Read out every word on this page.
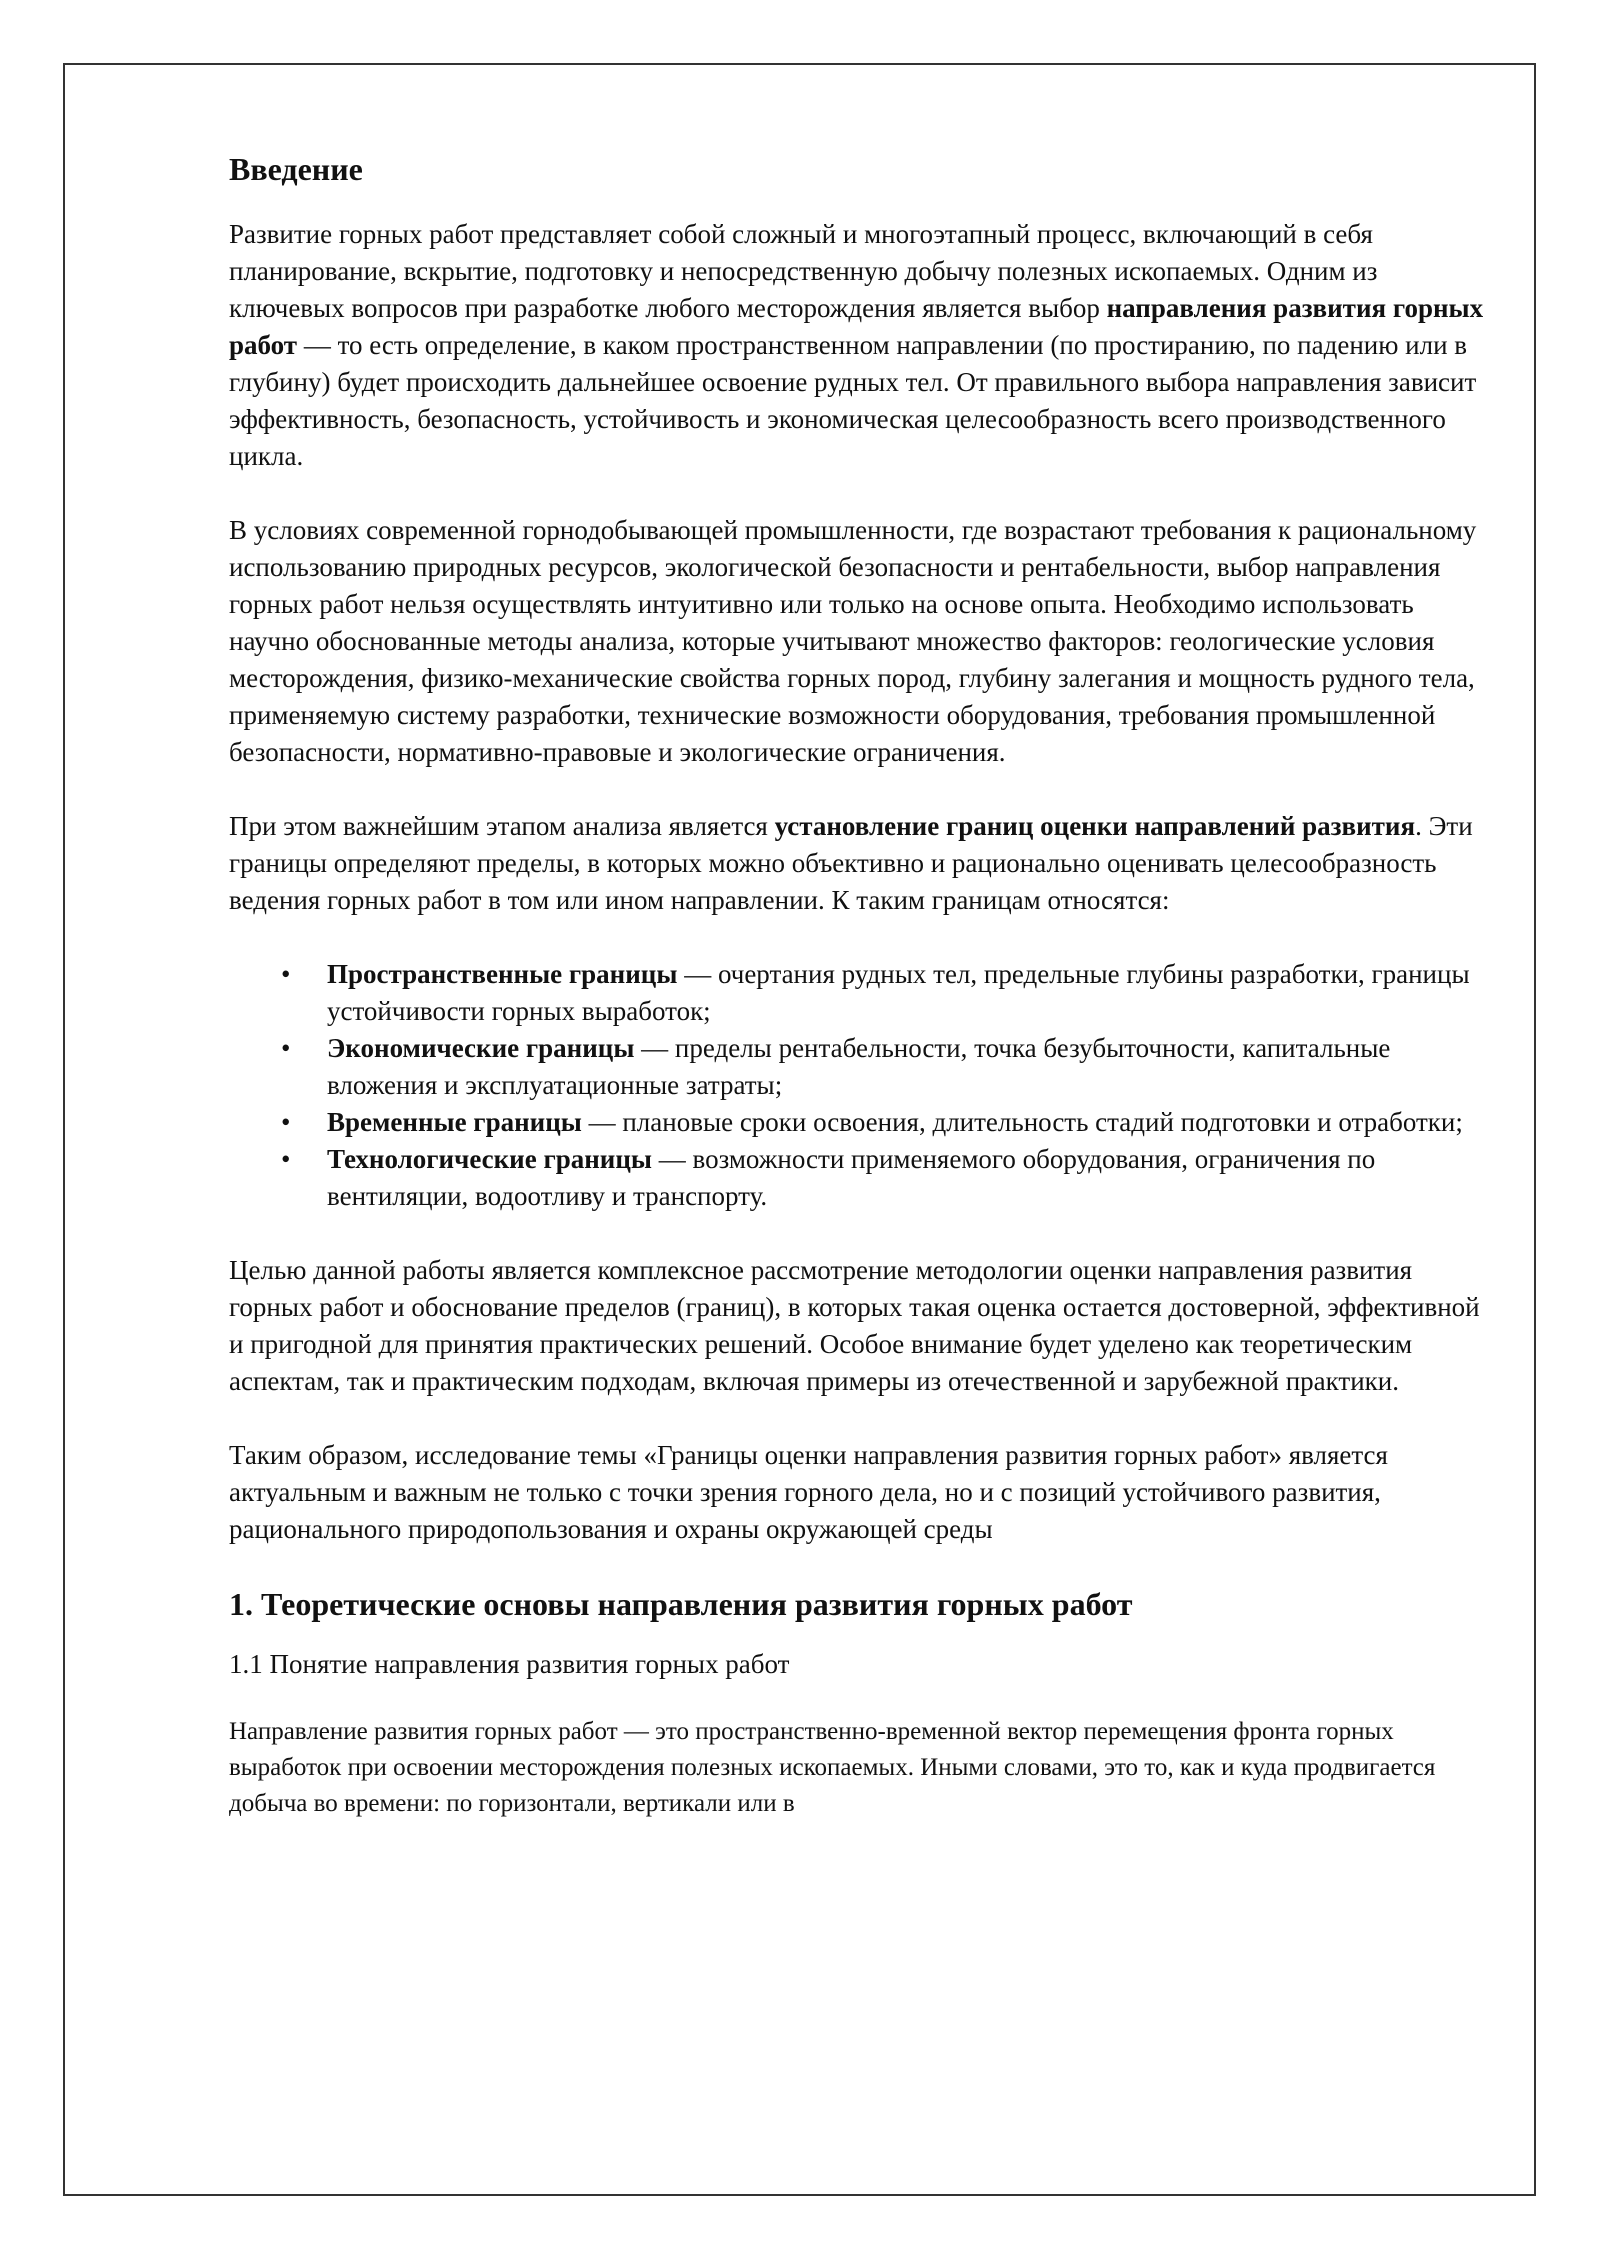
Введение

Развитие горных работ представляет собой сложный и многоэтапный процесс, включающий в себя планирование, вскрытие, подготовку и непосредственную добычу полезных ископаемых. Одним из ключевых вопросов при разработке любого месторождения является выбор направления развития горных работ — то есть определение, в каком пространственном направлении (по простиранию, по падению или в глубину) будет происходить дальнейшее освоение рудных тел. От правильного выбора направления зависит эффективность, безопасность, устойчивость и экономическая целесообразность всего производственного цикла.

В условиях современной горнодобывающей промышленности, где возрастают требования к рациональному использованию природных ресурсов, экологической безопасности и рентабельности, выбор направления горных работ нельзя осуществлять интуитивно или только на основе опыта. Необходимо использовать научно обоснованные методы анализа, которые учитывают множество факторов: геологические условия месторождения, физико-механические свойства горных пород, глубину залегания и мощность рудного тела, применяемую систему разработки, технические возможности оборудования, требования промышленной безопасности, нормативно-правовые и экологические ограничения.

При этом важнейшим этапом анализа является установление границ оценки направлений развития. Эти границы определяют пределы, в которых можно объективно и рационально оценивать целесообразность ведения горных работ в том или ином направлении. К таким границам относятся:

• Пространственные границы — очертания рудных тел, предельные глубины разработки, границы устойчивости горных выработок;
• Экономические границы — пределы рентабельности, точка безубыточности, капитальные вложения и эксплуатационные затраты;
• Временные границы — плановые сроки освоения, длительность стадий подготовки и отработки;
• Технологические границы — возможности применяемого оборудования, ограничения по вентиляции, водоотливу и транспорту.

Целью данной работы является комплексное рассмотрение методологии оценки направления развития горных работ и обоснование пределов (границ), в которых такая оценка остается достоверной, эффективной и пригодной для принятия практических решений. Особое внимание будет уделено как теоретическим аспектам, так и практическим подходам, включая примеры из отечественной и зарубежной практики.

Таким образом, исследование темы «Границы оценки направления развития горных работ» является актуальным и важным не только с точки зрения горного дела, но и с позиций устойчивого развития, рационального природопользования и охраны окружающей среды

1. Теоретические основы направления развития горных работ
1.1 Понятие направления развития горных работ

Направление развития горных работ — это пространственно-временной вектор перемещения фронта горных выработок при освоении месторождения полезных ископаемых. Иными словами, это то, как и куда продвигается добыча во времени: по горизонтали, вертикали или в
